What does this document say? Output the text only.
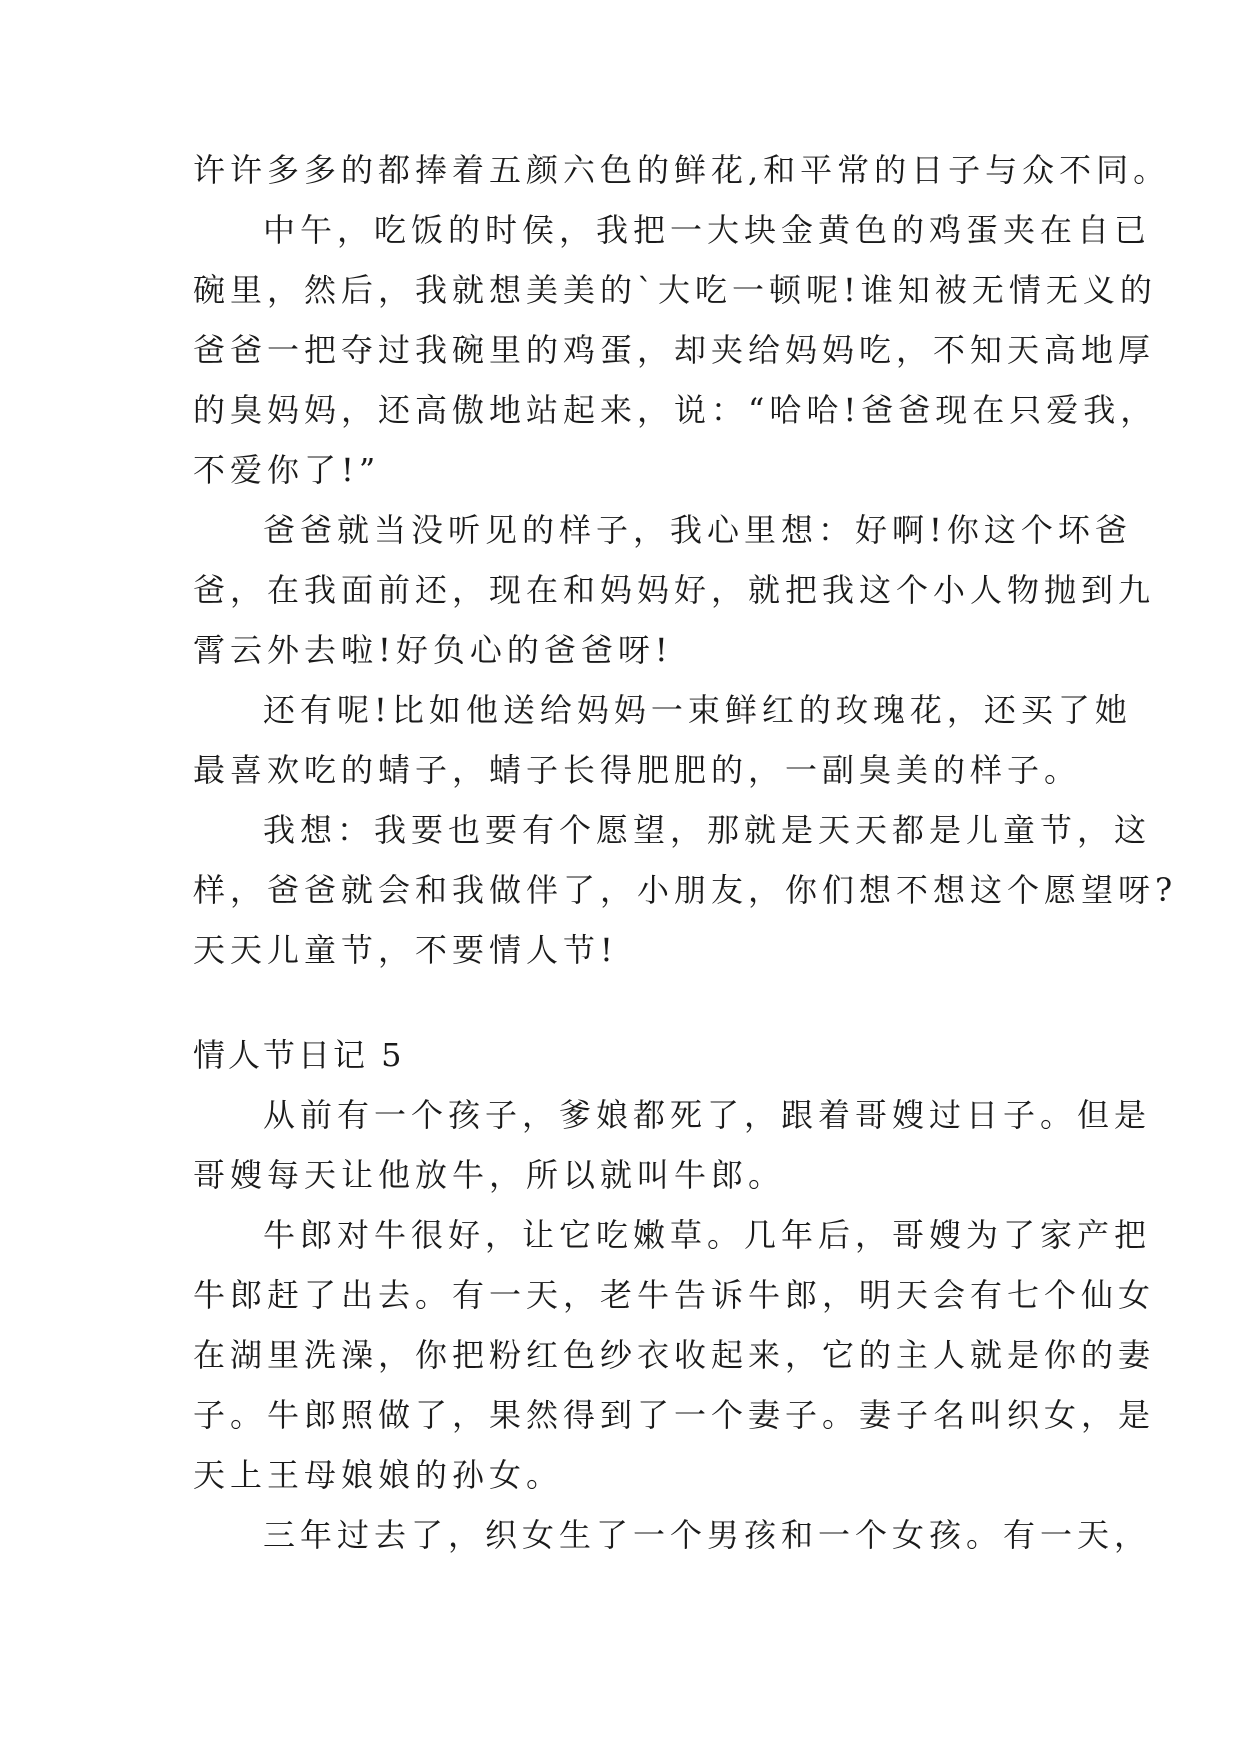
许许多多的都捧着五颜六色的鲜花,和平常的日子与众不同。
中午，吃饭的时侯，我把一大块金黄色的鸡蛋夹在自已
碗里，然后，我就想美美的`大吃一顿呢!谁知被无情无义的
爸爸一把夺过我碗里的鸡蛋，却夹给妈妈吃，不知天高地厚
的臭妈妈，还高傲地站起来，说：“哈哈!爸爸现在只爱我，
不爱你了!”
爸爸就当没听见的样子，我心里想：好啊!你这个坏爸
爸，在我面前还，现在和妈妈好，就把我这个小人物抛到九
霄云外去啦!好负心的爸爸呀!
还有呢!比如他送给妈妈一束鲜红的玫瑰花，还买了她
最喜欢吃的蜻子，蜻子长得肥肥的，一副臭美的样子。
我想：我要也要有个愿望，那就是天天都是儿童节，这
样，爸爸就会和我做伴了，小朋友，你们想不想这个愿望呀?
天天儿童节，不要情人节!
情人节日记 5
从前有一个孩子，爹娘都死了，跟着哥嫂过日子。但是
哥嫂每天让他放牛，所以就叫牛郎。
牛郎对牛很好，让它吃嫩草。几年后，哥嫂为了家产把
牛郎赶了出去。有一天，老牛告诉牛郎，明天会有七个仙女
在湖里洗澡，你把粉红色纱衣收起来，它的主人就是你的妻
子。牛郎照做了，果然得到了一个妻子。妻子名叫织女，是
天上王母娘娘的孙女。
三年过去了，织女生了一个男孩和一个女孩。有一天，
